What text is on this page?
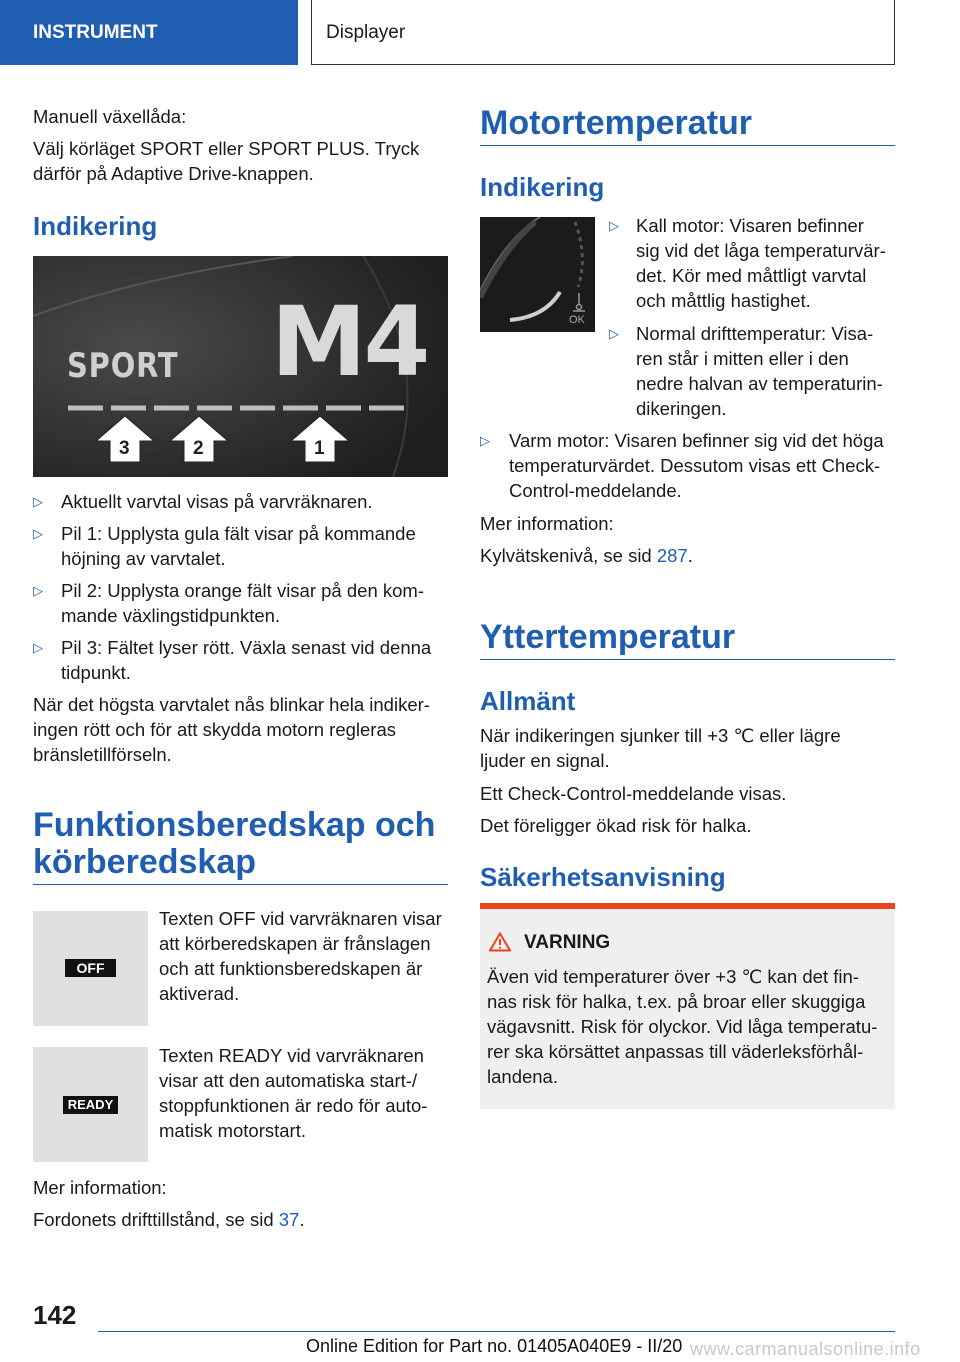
INSTRUMENT	Displayer

Manuell växellåda:

Välj körläget SPORT eller SPORT PLUS. Tryck

därför på Adaptive Drive-knappen.

Indikering

SPORT M4
3	2	1
▷ Aktuellt varvtal visas på varvräknaren.
▷ Pil 1: Upplysta gula fält visar på kommande
höjning av varvtalet.
▷ Pil 2: Upplysta orange fält visar på den kom-
mande växlingstidpunkten.
▷ Pil 3: Fältet lyser rött. Växla senast vid denna
tidpunkt.

När det högsta varvtalet nås blinkar hela indiker-

ingen rött och för att skydda motorn regleras

bränsletillförseln.

Funktionsberedskap och

körberedskap

OFF

Texten OFF vid varvräknaren visar

att körberedskapen är frånslagen

och att funktionsberedskapen är

aktiverad.

READY

Texten READY vid varvräknaren

visar att den automatiska start-/

stoppfunktionen är redo för auto-

matisk motorstart.

Mer information:

Fordonets drifttillstånd, se sid 37.

Motortemperatur

Indikering

OK
▷ Kall motor: Visaren befinner
sig vid det låga temperaturvär-
det. Kör med måttligt varvtal
och måttlig hastighet.
▷ Normal drifttemperatur: Visa-
ren står i mitten eller i den
nedre halvan av temperaturin-
dikeringen.
▷ Varm motor: Visaren befinner sig vid det höga
temperaturvärdet. Dessutom visas ett Check-
Control-meddelande.

Mer information:

Kylvätskenivå, se sid 287.

Yttertemperatur

Allmänt

När indikeringen sjunker till +3 ℃ eller lägre

ljuder en signal.

Ett Check-Control-meddelande visas.

Det föreligger ökad risk för halka.

Säkerhetsanvisning

VARNING

Även vid temperaturer över +3 ℃ kan det fin-

nas risk för halka, t.ex. på broar eller skuggiga

vägavsnitt. Risk för olyckor. Vid låga temperatu-

rer ska körsättet anpassas till väderleksförhål-

landena.

142
Online Edition for Part no. 01405A040E9 - II/20 www.carmanualsonline.info
